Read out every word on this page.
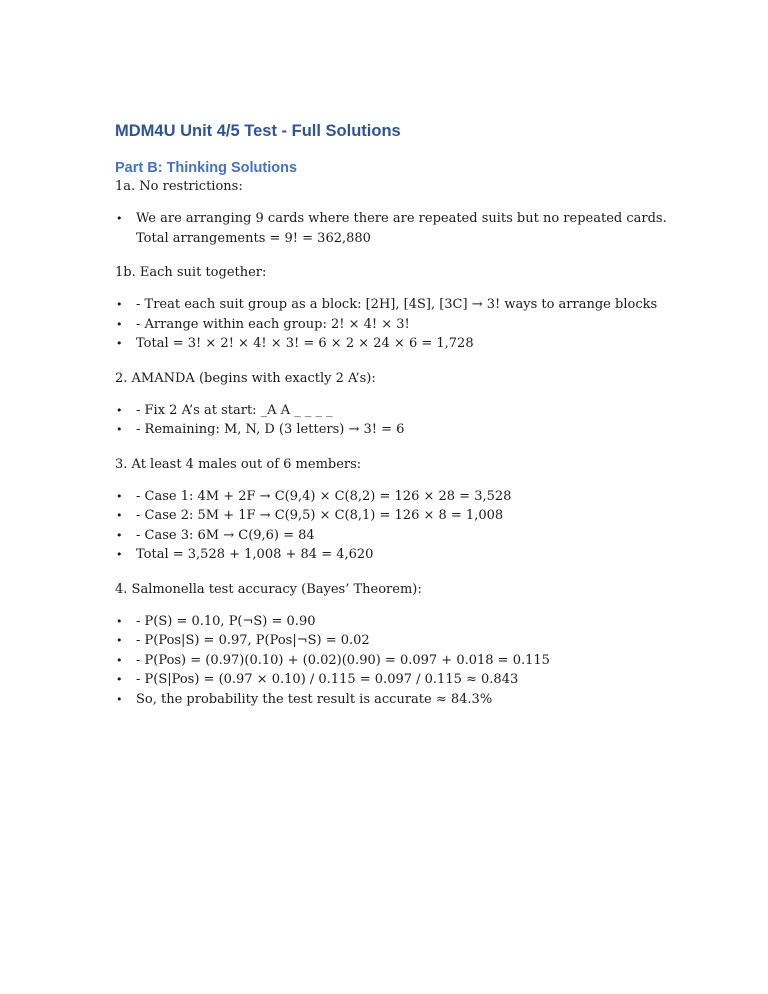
MDM4U Unit 4/5 Test - Full Solutions
Part B: Thinking Solutions

1a. No restrictions:

• We are arranging 9 cards where there are repeated suits but no repeated cards. Total arrangements = 9! = 362,880

1b. Each suit together:

• - Treat each suit group as a block: [2H], [4S], [3C] → 3! ways to arrange blocks
• - Arrange within each group: 2! × 4! × 3!
• Total = 3! × 2! × 4! × 3! = 6 × 2 × 24 × 6 = 1,728

2. AMANDA (begins with exactly 2 A’s):

• - Fix 2 A’s at start: _A A _ _ _ _
• - Remaining: M, N, D (3 letters) → 3! = 6

3. At least 4 males out of 6 members:

• - Case 1: 4M + 2F → C(9,4) × C(8,2) = 126 × 28 = 3,528
• - Case 2: 5M + 1F → C(9,5) × C(8,1) = 126 × 8 = 1,008
• - Case 3: 6M → C(9,6) = 84
• Total = 3,528 + 1,008 + 84 = 4,620

4. Salmonella test accuracy (Bayes’ Theorem):

• - P(S) = 0.10, P(¬S) = 0.90
• - P(Pos|S) = 0.97, P(Pos|¬S) = 0.02
• - P(Pos) = (0.97)(0.10) + (0.02)(0.90) = 0.097 + 0.018 = 0.115
• - P(S|Pos) = (0.97 × 0.10) / 0.115 = 0.097 / 0.115 ≈ 0.843
• So, the probability the test result is accurate ≈ 84.3%
